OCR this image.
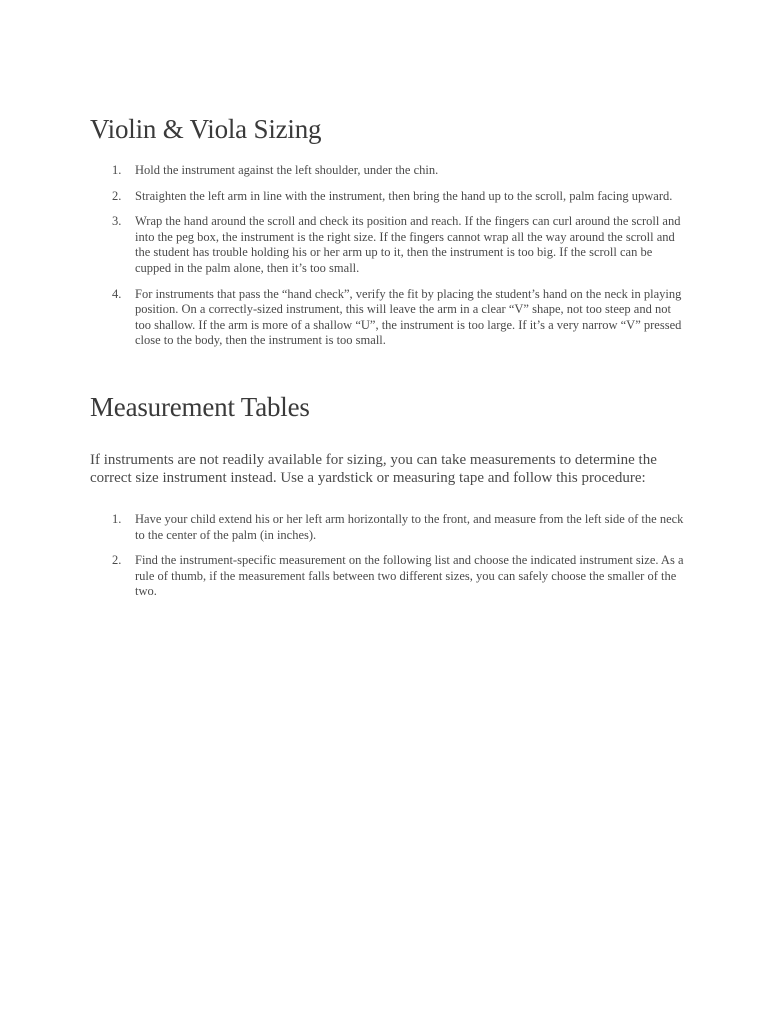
Violin & Viola Sizing
1. Hold the instrument against the left shoulder, under the chin.
2. Straighten the left arm in line with the instrument, then bring the hand up to the scroll, palm facing upward.
3. Wrap the hand around the scroll and check its position and reach. If the fingers can curl around the scroll and into the peg box, the instrument is the right size. If the fingers cannot wrap all the way around the scroll and the student has trouble holding his or her arm up to it, then the instrument is too big. If the scroll can be cupped in the palm alone, then it’s too small.
4. For instruments that pass the “hand check”, verify the fit by placing the student’s hand on the neck in playing position. On a correctly-sized instrument, this will leave the arm in a clear “V” shape, not too steep and not too shallow. If the arm is more of a shallow “U”, the instrument is too large. If it’s a very narrow “V” pressed close to the body, then the instrument is too small.
Measurement Tables

If instruments are not readily available for sizing, you can take measurements to determine the correct size instrument instead. Use a yardstick or measuring tape and follow this procedure:

1. Have your child extend his or her left arm horizontally to the front, and measure from the left side of the neck to the center of the palm (in inches).
2. Find the instrument-specific measurement on the following list and choose the indicated instrument size. As a rule of thumb, if the measurement falls between two different sizes, you can safely choose the smaller of the two.
